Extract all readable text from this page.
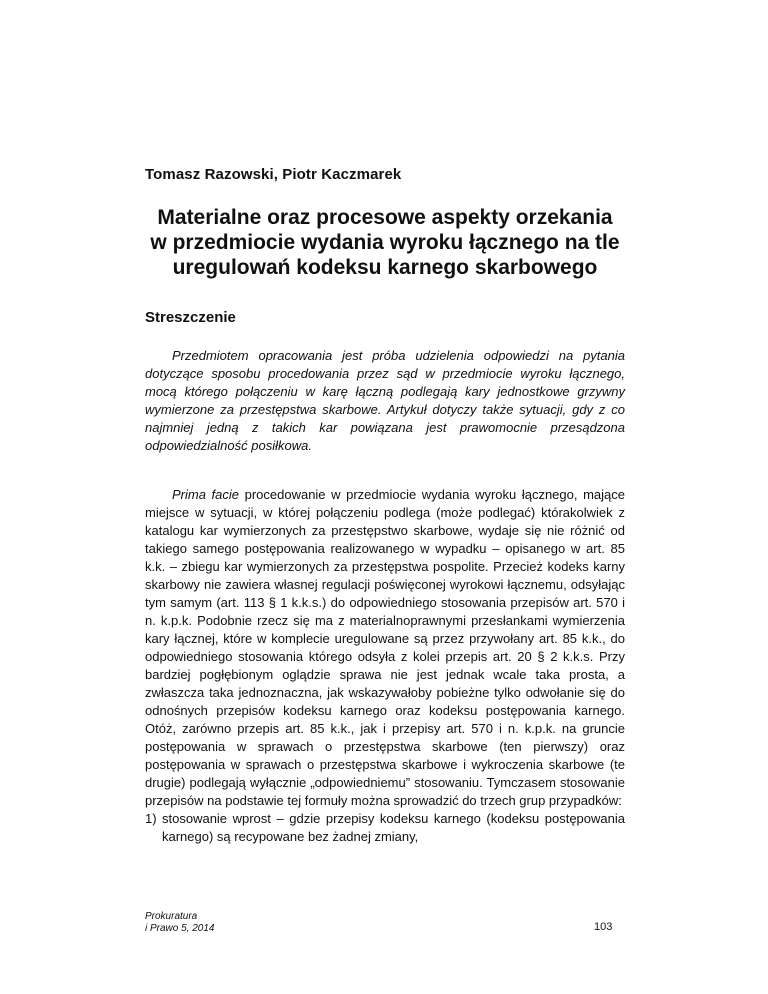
Tomasz Razowski, Piotr Kaczmarek
Materialne oraz procesowe aspekty orzekania
w przedmiocie wydania wyroku łącznego na tle
uregulowań kodeksu karnego skarbowego
Streszczenie

Przedmiotem opracowania jest próba udzielenia odpowiedzi na pytania dotyczące sposobu procedowania przez sąd w przedmiocie wyroku łącznego, mocą którego połączeniu w karę łączną podlegają kary jednostkowe grzywny wymierzone za przestępstwa skarbowe. Artykuł dotyczy także sytuacji, gdy z co najmniej jedną z takich kar powiązana jest prawomocnie przesądzona odpowiedzialność posiłkowa.

Prima facie procedowanie w przedmiocie wydania wyroku łącznego, mające miejsce w sytuacji, w której połączeniu podlega (może podlegać) którakolwiek z katalogu kar wymierzonych za przestępstwo skarbowe, wydaje się nie różnić od takiego samego postępowania realizowanego w wypadku – opisanego w art. 85 k.k. – zbiegu kar wymierzonych za przestępstwa pospolite. Przecież kodeks karny skarbowy nie zawiera własnej regulacji poświęconej wyrokowi łącznemu, odsyłając tym samym (art. 113 § 1 k.k.s.) do odpowiedniego stosowania przepisów art. 570 i n. k.p.k. Podobnie rzecz się ma z materialnoprawnymi przesłankami wymierzenia kary łącznej, które w komplecie uregulowane są przez przywołany art. 85 k.k., do odpowiedniego stosowania którego odsyła z kolei przepis art. 20 § 2 k.k.s. Przy bardziej pogłębionym oglądzie sprawa nie jest jednak wcale taka prosta, a zwłaszcza taka jednoznaczna, jak wskazywałoby pobieżne tylko odwołanie się do odnośnych przepisów kodeksu karnego oraz kodeksu postępowania karnego. Otóż, zarówno przepis art. 85 k.k., jak i przepisy art. 570 i n. k.p.k. na gruncie postępowania w sprawach o przestępstwa skarbowe (ten pierwszy) oraz postępowania w sprawach o przestępstwa skarbowe i wykroczenia skarbowe (te drugie) podlegają wyłącznie „odpowiedniemu” stosowaniu. Tymczasem stosowanie przepisów na podstawie tej formuły można sprowadzić do trzech grup przypadków:

1) stosowanie wprost – gdzie przepisy kodeksu karnego (kodeksu postępowania karnego) są recypowane bez żadnej zmiany,
Prokuratura
i Prawo 5, 2014	103
